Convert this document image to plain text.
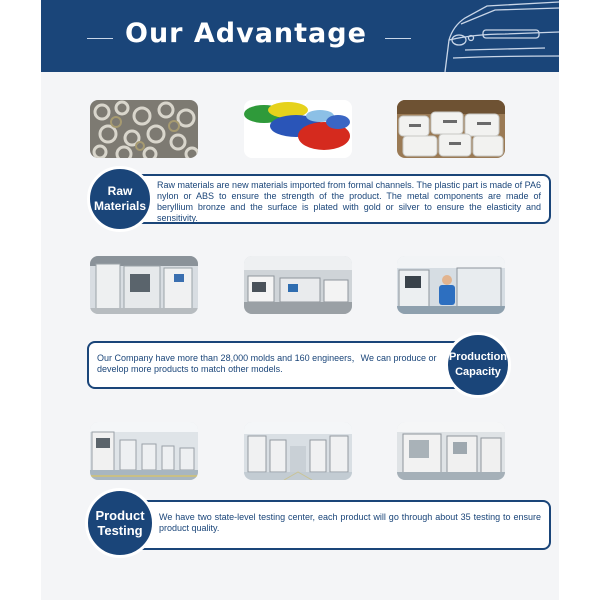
Our Advantage

Raw materials are new materials imported from formal channels. The plastic part is made of PA6 nylon or ABS to ensure the strength of the product. The metal components are made of beryllium bronze and the surface is plated with gold or silver to ensure the elasticity and sensitivity.

Raw
Materials

Our Company have more than 28,000 molds and 160 engineers，We can produce or develop more products to match other models.

Production
Capacity

We have two state-level testing center, each product will go through about 35 testing to ensure product quality.

Product
Testing
